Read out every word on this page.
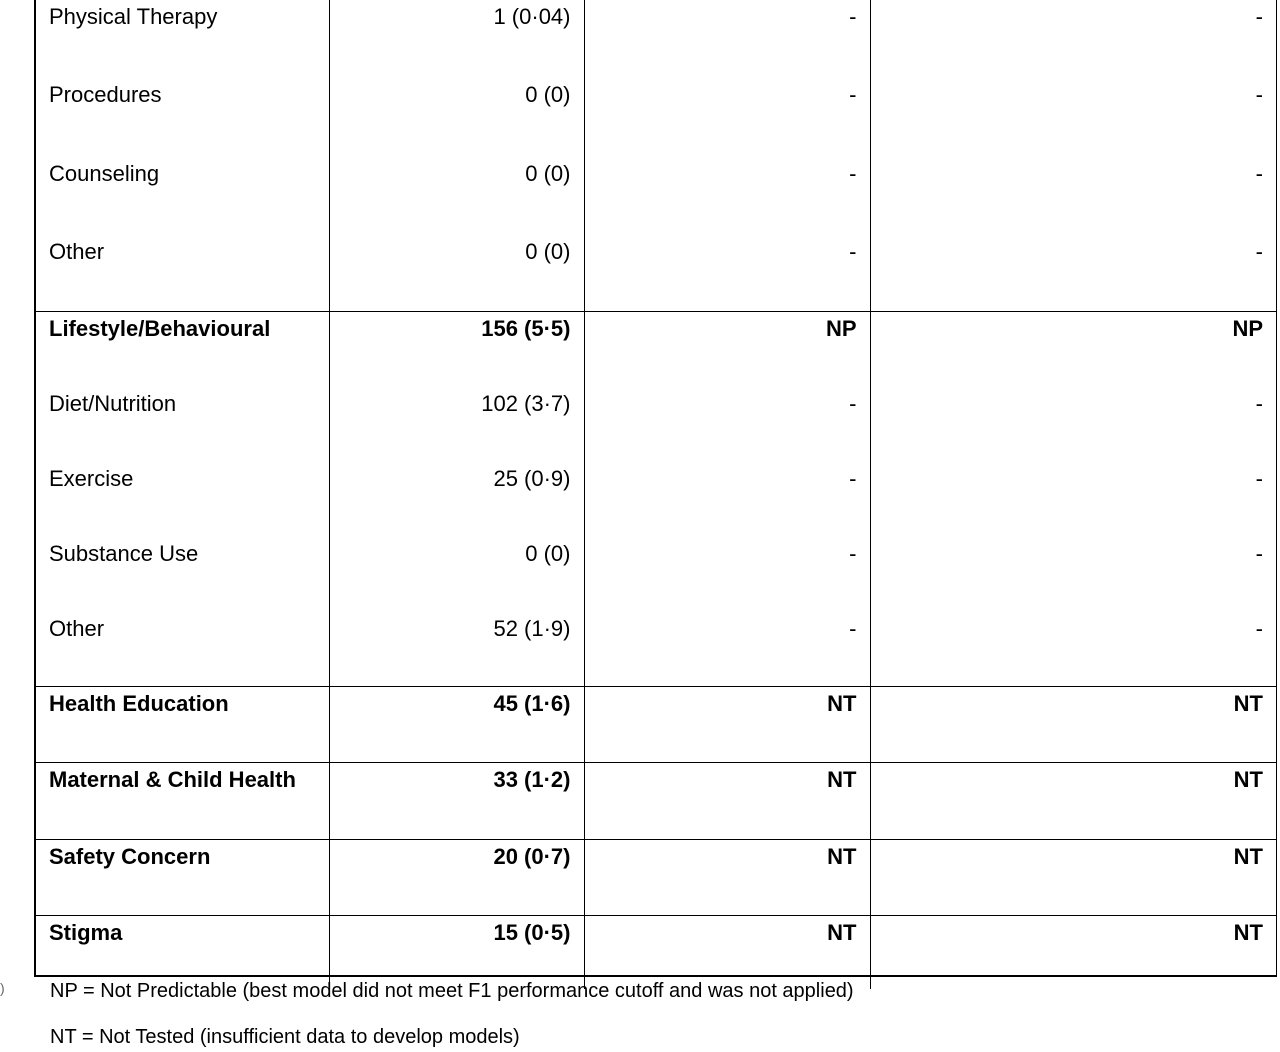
)
Physical Therapy	1 (0·04)	-	-
Procedures	0 (0)	-	-
Counseling	0 (0)	-	-
Other	0 (0)	-	-
Lifestyle/Behavioural	156 (5·5)	NP	NP
Diet/Nutrition	102 (3·7)	-	-
Exercise	25 (0·9)	-	-
Substance Use	0 (0)	-	-
Other	52 (1·9)	-	-
Health Education	45 (1·6)	NT	NT
Maternal & Child Health	33 (1·2)	NT	NT
Safety Concern	20 (0·7)	NT	NT
Stigma	15 (0·5)	NT	NT
NP = Not Predictable (best model did not meet F1 performance cutoff and was not applied)
NT = Not Tested (insufficient data to develop models)
